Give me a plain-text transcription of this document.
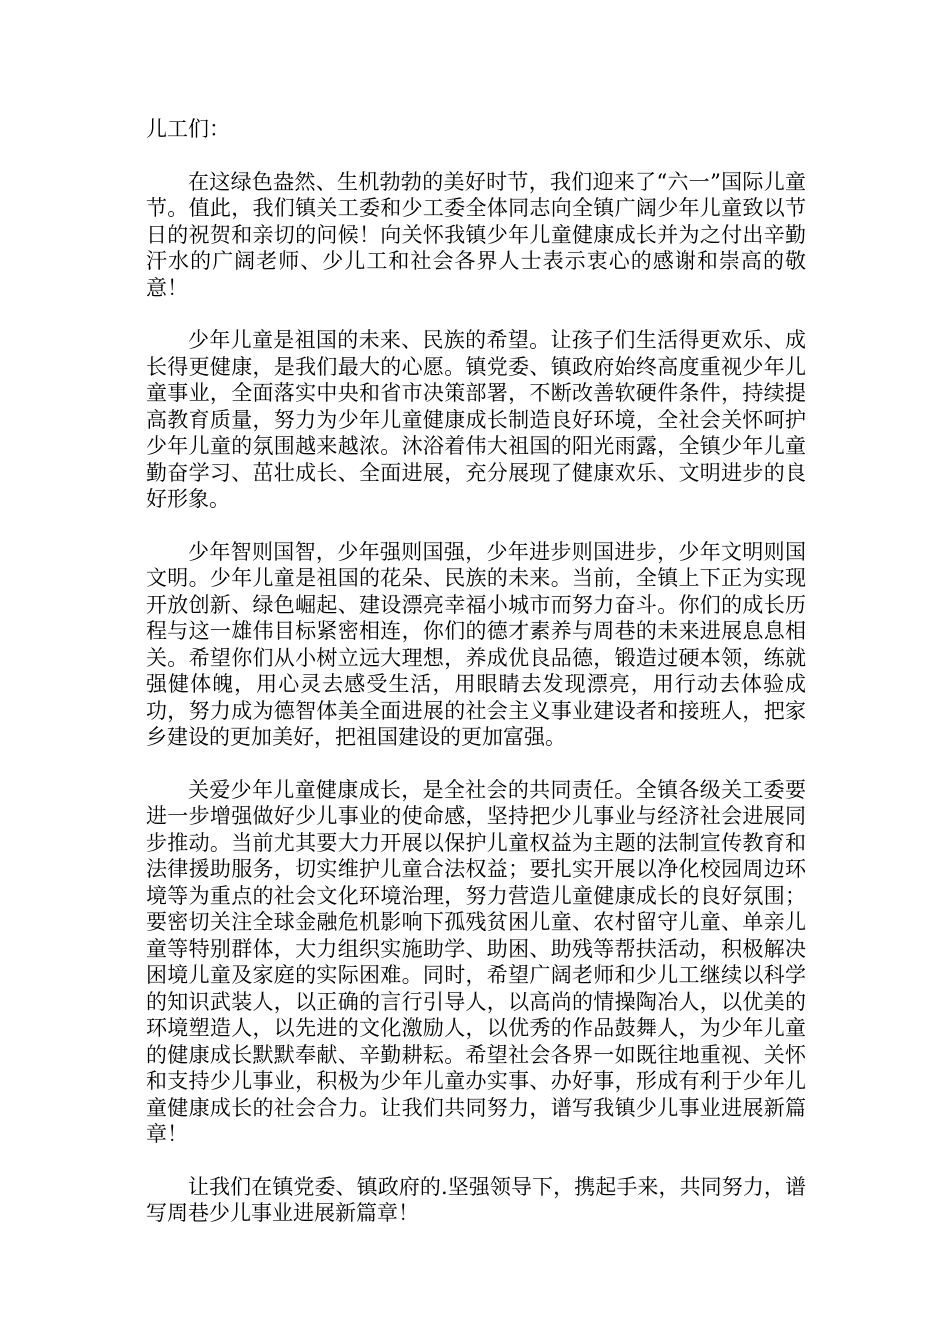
儿工们：

在这绿色盎然、生机勃勃的美好时节，我们迎来了“六一”国际儿童节。值此，我们镇关工委和少工委全体同志向全镇广阔少年儿童致以节日的祝贺和亲切的问候！向关怀我镇少年儿童健康成长并为之付出辛勤汗水的广阔老师、少儿工和社会各界人士表示衷心的感谢和崇高的敬意！

少年儿童是祖国的未来、民族的希望。让孩子们生活得更欢乐、成长得更健康，是我们最大的心愿。镇党委、镇政府始终高度重视少年儿童事业，全面落实中央和省市决策部署，不断改善软硬件条件，持续提高教育质量，努力为少年儿童健康成长制造良好环境，全社会关怀呵护少年儿童的氛围越来越浓。沐浴着伟大祖国的阳光雨露，全镇少年儿童勤奋学习、茁壮成长、全面进展，充分展现了健康欢乐、文明进步的良好形象。

少年智则国智，少年强则国强，少年进步则国进步，少年文明则国文明。少年儿童是祖国的花朵、民族的未来。当前，全镇上下正为实现开放创新、绿色崛起、建设漂亮幸福小城市而努力奋斗。你们的成长历程与这一雄伟目标紧密相连，你们的德才素养与周巷的未来进展息息相关。希望你们从小树立远大理想，养成优良品德，锻造过硬本领，练就强健体魄，用心灵去感受生活，用眼睛去发现漂亮，用行动去体验成功，努力成为德智体美全面进展的社会主义事业建设者和接班人，把家乡建设的更加美好，把祖国建设的更加富强。

关爱少年儿童健康成长，是全社会的共同责任。全镇各级关工委要进一步增强做好少儿事业的使命感，坚持把少儿事业与经济社会进展同步推动。当前尤其要大力开展以保护儿童权益为主题的法制宣传教育和法律援助服务，切实维护儿童合法权益；要扎实开展以净化校园周边环境等为重点的社会文化环境治理，努力营造儿童健康成长的良好氛围；要密切关注全球金融危机影响下孤残贫困儿童、农村留守儿童、单亲儿童等特别群体，大力组织实施助学、助困、助残等帮扶活动，积极解决困境儿童及家庭的实际困难。同时，希望广阔老师和少儿工继续以科学的知识武装人，以正确的言行引导人，以高尚的情操陶冶人，以优美的环境塑造人，以先进的文化激励人，以优秀的作品鼓舞人，为少年儿童的健康成长默默奉献、辛勤耕耘。希望社会各界一如既往地重视、关怀和支持少儿事业，积极为少年儿童办实事、办好事，形成有利于少年儿童健康成长的社会合力。让我们共同努力，谱写我镇少儿事业进展新篇章！

让我们在镇党委、镇政府的.坚强领导下，携起手来，共同努力，谱写周巷少儿事业进展新篇章！
